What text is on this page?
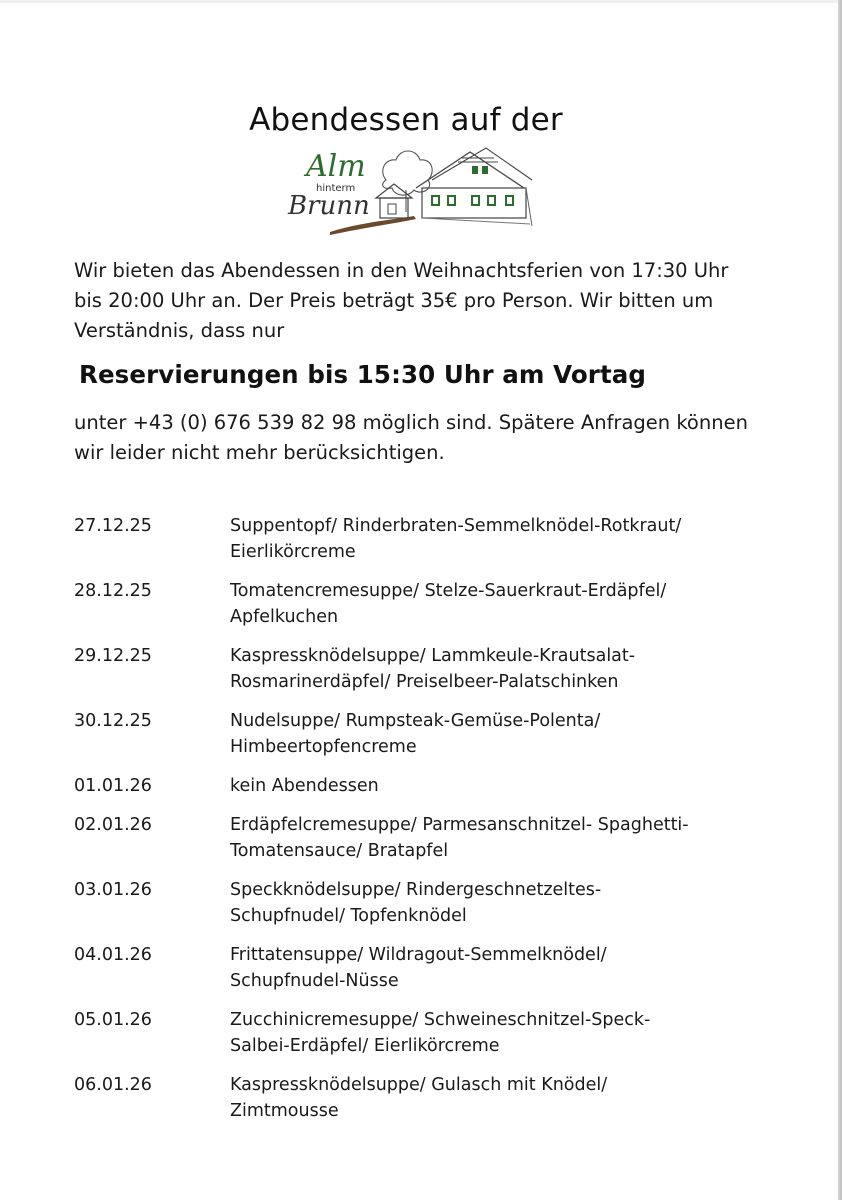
Abendessen auf der
Alm
hinterm
Brunn
Wir bieten das Abendessen in den Weihnachtsferien von 17:30 Uhr bis 20:00 Uhr an. Der Preis beträgt 35€ pro Person. Wir bitten um Verständnis, dass nur
Reservierungen bis 15:30 Uhr am Vortag
unter +43 (0) 676 539 82 98 möglich sind. Spätere Anfragen können wir leider nicht mehr berücksichtigen.
27.12.25	Suppentopf/ Rinderbraten-Semmelknödel-Rotkraut/
Eierlikörcreme
28.12.25	Tomatencremesuppe/ Stelze-Sauerkraut-Erdäpfel/
Apfelkuchen
29.12.25	Kaspressknödelsuppe/ Lammkeule-Krautsalat-
Rosmarinerdäpfel/ Preiselbeer-Palatschinken
30.12.25	Nudelsuppe/ Rumpsteak-Gemüse-Polenta/
Himbeertopfencreme
01.01.26	kein Abendessen
02.01.26	Erdäpfelcremesuppe/ Parmesanschnitzel- Spaghetti-
Tomatensauce/ Bratapfel
03.01.26	Speckknödelsuppe/ Rindergeschnetzeltes-
Schupfnudel/ Topfenknödel
04.01.26	Frittatensuppe/ Wildragout-Semmelknödel/
Schupfnudel-Nüsse
05.01.26	Zucchinicremesuppe/ Schweineschnitzel-Speck-
Salbei-Erdäpfel/ Eierlikörcreme
06.01.26	Kaspressknödelsuppe/ Gulasch mit Knödel/
Zimtmousse
